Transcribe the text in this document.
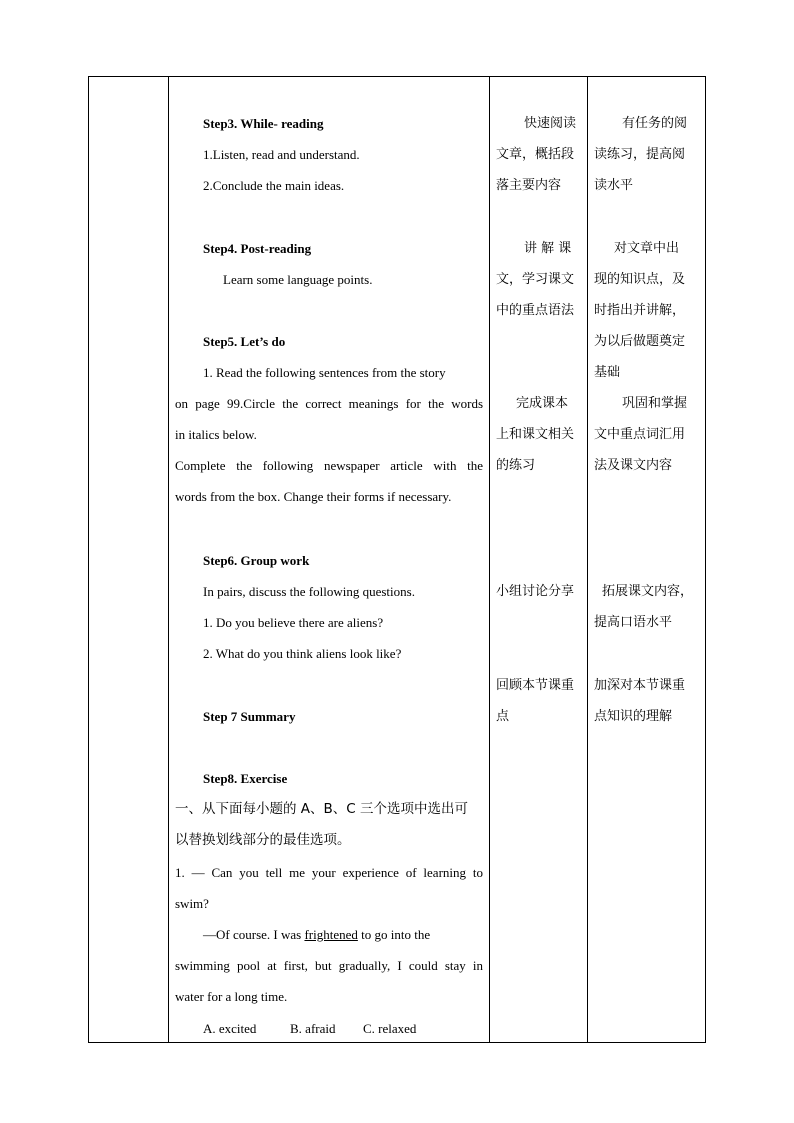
Step3. While- reading
1.Listen, read and understand.
2.Conclude the main ideas.
Step4. Post-reading
Learn some language points.
Step5. Let’s do
1. Read the following sentences from the story
on page 99.Circle the correct meanings for the words
in italics below.
Complete the following newspaper article with the
words from the box. Change their forms if necessary.
Step6. Group work
In pairs, discuss the following questions.
1. Do you believe there are aliens?
2. What do you think aliens look like?
Step 7 Summary
Step8. Exercise
一、从下面每小题的 A、B、C 三个选项中选出可
以替换划线部分的最佳选项。
1. — Can you tell me your experience of learning to
swim?
—Of course. I was frightened to go into the
swimming pool at first, but gradually, I could stay in
water for a long time.
A. excited	B. afraid	C. relaxed
快速阅读
文章，概括段
落主要内容
讲 解 课
文，学习课文
中的重点语法
完成课本
上和课文相关
的练习
小组讨论分享
回顾本节课重
点
有任务的阅
读练习，提高阅
读水平
对文章中出
现的知识点，及
时指出并讲解，
为以后做题奠定
基础
巩固和掌握
文中重点词汇用
法及课文内容
拓展课文内容，
提高口语水平
加深对本节课重
点知识的理解
